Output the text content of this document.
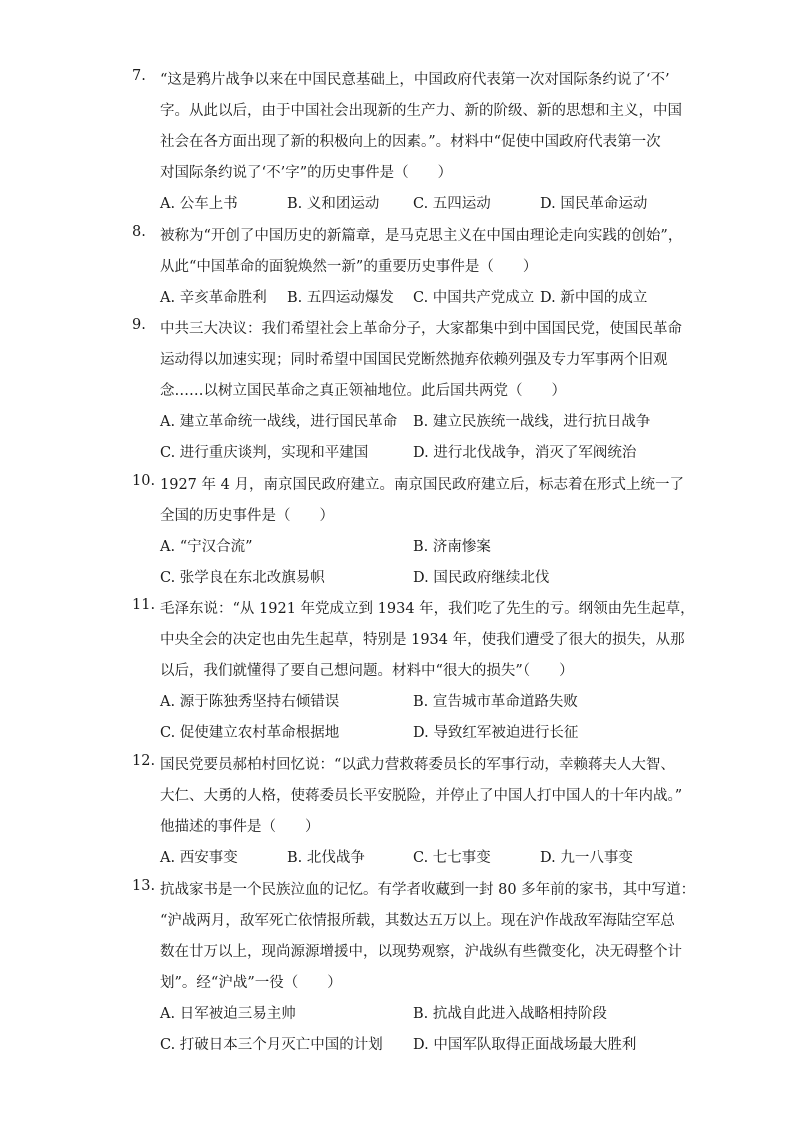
7. “这是鸦片战争以来在中国民意基础上，中国政府代表第一次对国际条约说了‘不’
字。从此以后，由于中国社会出现新的生产力、新的阶级、新的思想和主义，中国
社会在各方面出现了新的积极向上的因素。”。材料中“促使中国政府代表第一次
对国际条约说了‘不’字”的历史事件是（　　）
A. 公车上书	B. 义和团运动 C. 五四运动	D. 国民革命运动
8. 被称为“开创了中国历史的新篇章，是马克思主义在中国由理论走向实践的创始”，
从此“中国革命的面貌焕然一新”的重要历史事件是（　　）
A. 辛亥革命胜利 B. 五四运动爆发 C. 中国共产党成立 D. 新中国的成立
9. 中共三大决议：我们希望社会上革命分子，大家都集中到中国国民党，使国民革命
运动得以加速实现；同时希望中国国民党断然抛弃依赖列强及专力军事两个旧观
念……以树立国民革命之真正领袖地位。此后国共两党（　　）
A. 建立革命统一战线，进行国民革命 B. 建立民族统一战线，进行抗日战争
C. 进行重庆谈判，实现和平建国	D. 进行北伐战争，消灭了军阀统治
10. 1927 年 4 月，南京国民政府建立。南京国民政府建立后，标志着在形式上统一了
全国的历史事件是（　　）
A. “宁汉合流”	B. 济南惨案
C. 张学良在东北改旗易帜	D. 国民政府继续北伐
11. 毛泽东说：“从 1921 年党成立到 1934 年，我们吃了先生的亏。纲领由先生起草，
中央全会的决定也由先生起草，特别是 1934 年，使我们遭受了很大的损失，从那
以后，我们就懂得了要自己想问题。材料中“很大的损失”（　　）
A. 源于陈独秀坚持右倾错误	B. 宣告城市革命道路失败
C. 促使建立农村革命根据地	D. 导致红军被迫进行长征
12. 国民党要员郝柏村回忆说：“以武力营救蒋委员长的军事行动，幸赖蒋夫人大智、
大仁、大勇的人格，使蒋委员长平安脱险，并停止了中国人打中国人的十年内战。”
他描述的事件是（　　）
A. 西安事变	B. 北伐战争	C. 七七事变	D. 九一八事变
13. 抗战家书是一个民族泣血的记忆。有学者收藏到一封 80 多年前的家书，其中写道：
“沪战两月，敌军死亡依情报所载，其数达五万以上。现在沪作战敌军海陆空军总
数在廿万以上，现尚源源增援中，以现势观察，沪战纵有些微变化，决无碍整个计
划”。经“沪战”一役（　　）
A. 日军被迫三易主帅	B. 抗战自此进入战略相持阶段
C. 打破日本三个月灭亡中国的计划 D. 中国军队取得正面战场最大胜利
